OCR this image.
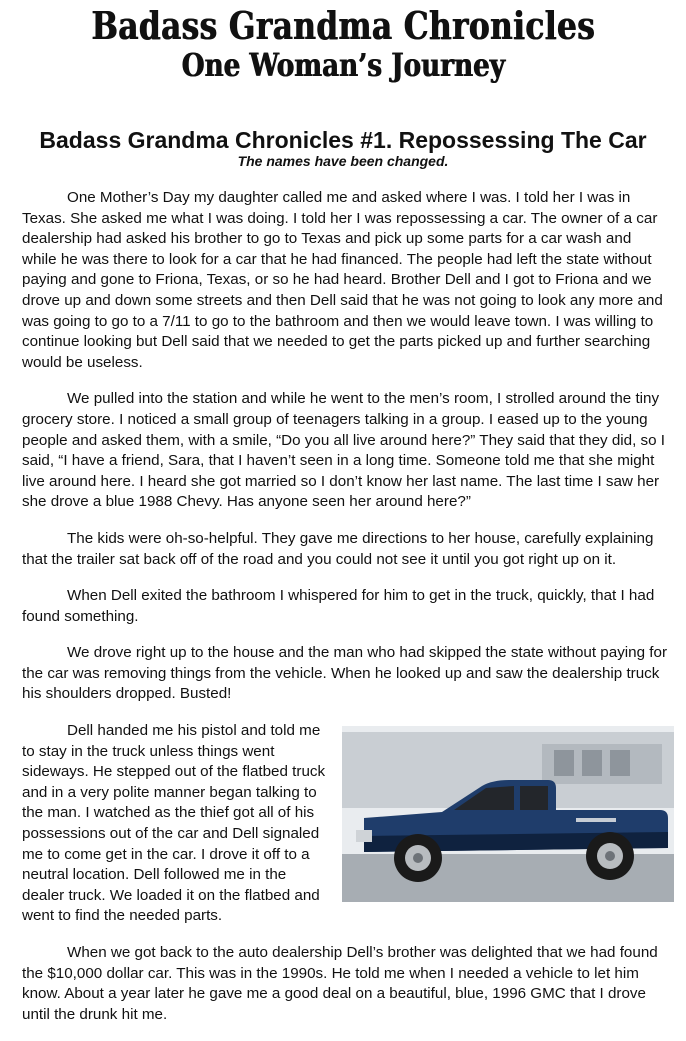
Badass Grandma Chronicles
One Woman’s Journey
Badass Grandma Chronicles #1. Repossessing The Car
The names have been changed.

One Mother’s Day my daughter called me and asked where I was. I told her I was in Texas. She asked me what I was doing. I told her I was repossessing a car. The owner of a car dealership had asked his brother to go to Texas and pick up some parts for a car wash and while he was there to look for a car that he had financed. The people had left the state without paying and gone to Friona, Texas, or so he had heard. Brother Dell and I got to Friona and we drove up and down some streets and then Dell said that he was not going to look any more and was going to go to a 7/11 to go to the bathroom and then we would leave town. I was willing to continue looking but Dell said that we needed to get the parts picked up and further searching would be useless.

We pulled into the station and while he went to the men’s room, I strolled around the tiny grocery store. I noticed a small group of teenagers talking in a group. I eased up to the young people and asked them, with a smile, “Do you all live around here?” They said that they did, so I said, “I have a friend, Sara, that I haven’t seen in a long time. Someone told me that she might live around here. I heard she got married so I don’t know her last name. The last time I saw her she drove a blue 1988 Chevy. Has anyone seen her around here?”

The kids were oh-so-helpful. They gave me directions to her house, carefully explaining that the trailer sat back off of the road and you could not see it until you got right up on it.

When Dell exited the bathroom I whispered for him to get in the truck, quickly, that I had found something.

We drove right up to the house and the man who had skipped the state without paying for the car was removing things from the vehicle. When he looked up and saw the dealership truck his shoulders dropped. Busted!

Dell handed me his pistol and told me to stay in the truck unless things went sideways. He stepped out of the flatbed truck and in a very polite manner began talking to the man. I watched as the thief got all of his possessions out of the car and Dell signaled me to come get in the car. I drove it off to a neutral location. Dell followed me in the dealer truck. We loaded it on the flatbed and went to find the needed parts.

When we got back to the auto dealership Dell’s brother was delighted that we had found the $10,000 dollar car. This was in the 1990s. He told me when I needed a vehicle to let him know. About a year later he gave me a good deal on a beautiful, blue, 1996 GMC that I drove until the drunk hit me.
